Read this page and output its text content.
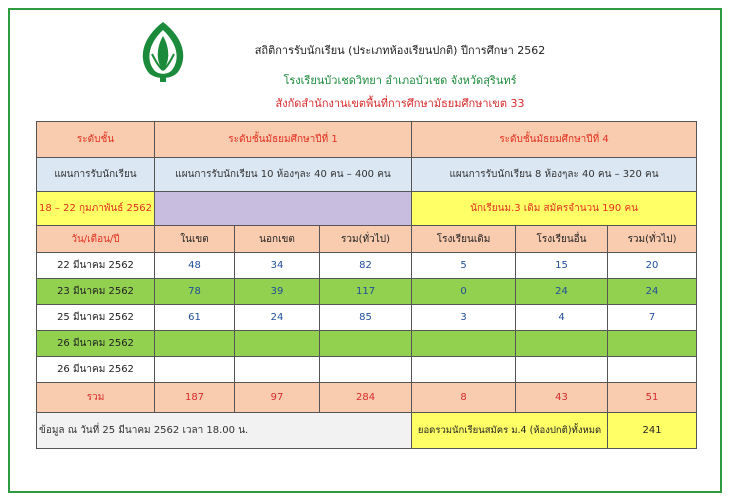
สถิติการรับนักเรียน (ประเภทห้องเรียนปกติ) ปีการศึกษา 2562
โรงเรียนบัวเชดวิทยา อำเภอบัวเชด จังหวัดสุรินทร์
สังกัดสำนักงานเขตพื้นที่การศึกษามัธยมศึกษาเขต 33
ระดับชั้น	ระดับชั้นมัธยมศึกษาปีที่ 1			ระดับชั้นมัธยมศึกษาปีที่ 4		
แผนการรับนักเรียน	แผนการรับนักเรียน 10 ห้องๆละ 40 คน – 400 คน			แผนการรับนักเรียน 8 ห้องๆละ 40 คน – 320 คน		
18 – 22 กุมภาพันธ์ 2562				นักเรียนม.3 เดิม สมัครจำนวน 190 คน		
วัน/เดือน/ปี	ในเขต	นอกเขต	รวม(ทั่วไป)	โรงเรียนเดิม	โรงเรียนอื่น	รวม(ทั่วไป)
22 มีนาคม 2562	48	34	82	5	15	20
23 มีนาคม 2562	78	39	117	0	24	24
25 มีนาคม 2562	61	24	85	3	4	7
26 มีนาคม 2562						
26 มีนาคม 2562						
รวม	187	97	284	8	43	51
ข้อมูล ณ วันที่ 25 มีนาคม 2562 เวลา 18.00 น.				ยอดรวมนักเรียนสมัคร ม.4 (ห้องปกติ)ทั้งหมด		241
